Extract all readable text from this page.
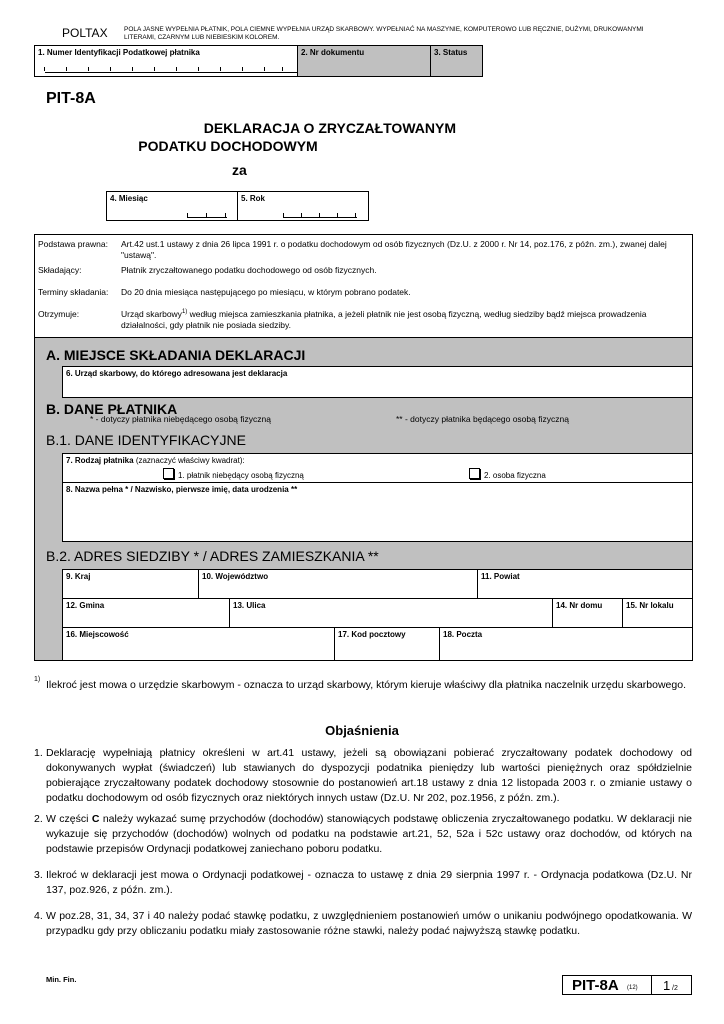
POLTAX	POLA JASNE WYPEŁNIA PŁATNIK, POLA CIEMNE WYPEŁNIA URZĄD SKARBOWY. WYPEŁNIAĆ NA MASZYNIE, KOMPUTEROWO LUB RĘCZNIE, DUŻYMI, DRUKOWANYMI LITERAMI, CZARNYM LUB NIEBIESKIM KOLOREM.
1. Numer Identyfikacji Podatkowej płatnika	2. Nr dokumentu	3. Status
PIT-8A
DEKLARACJA O ZRYCZAŁTOWANYM
PODATKU DOCHODOWYM
za
4. Miesiąc	5. Rok
Podstawa prawna: Art.42 ust.1 ustawy z dnia 26 lipca 1991 r. o podatku dochodowym od osób fizycznych (Dz.U. z 2000 r. Nr 14, poz.176, z późn. zm.), zwanej dalej "ustawą".
Składający:	Płatnik zryczałtowanego podatku dochodowego od osób fizycznych.
Terminy składania: Do 20 dnia miesiąca następującego po miesiącu, w którym pobrano podatek.
Otrzymuje:	Urząd skarbowy$^{1)}$ według miejsca zamieszkania płatnika, a jeżeli płatnik nie jest osobą fizyczną, według siedziby bądź miejsca prowadzenia działalności, gdy płatnik nie posiada siedziby.
A. MIEJSCE SKŁADANIA DEKLARACJI
6. Urząd skarbowy, do którego adresowana jest deklaracja
B. DANE PŁATNIKA
* - dotyczy płatnika niebędącego osobą fizyczną	** - dotyczy płatnika będącego osobą fizyczną
B.1. DANE IDENTYFIKACYJNE
7. Rodzaj płatnika (zaznaczyć właściwy kwadrat):
1. płatnik niebędący osobą fizyczną	2. osoba fizyczna
8. Nazwa pełna * / Nazwisko, pierwsze imię, data urodzenia **
B.2. ADRES SIEDZIBY * / ADRES ZAMIESZKANIA **
9. Kraj	10. Województwo	11. Powiat
12. Gmina	13. Ulica	14. Nr domu	15. Nr lokalu
16. Miejscowość	17. Kod pocztowy	18. Poczta
1) Ilekroć jest mowa o urzędzie skarbowym - oznacza to urząd skarbowy, którym kieruje właściwy dla płatnika naczelnik urzędu skarbowego.
Objaśnienia
1. Deklarację wypełniają płatnicy określeni w art.41 ustawy, jeżeli są obowiązani pobierać zryczałtowany podatek dochodowy od dokonywanych wypłat (świadczeń) lub stawianych do dyspozycji podatnika pieniędzy lub wartości pieniężnych oraz spółdzielnie pobierające zryczałtowany podatek dochodowy stosownie do postanowień art.18 ustawy z dnia 12 listopada 2003 r. o zmianie ustawy o podatku dochodowym od osób fizycznych oraz niektórych innych ustaw (Dz.U. Nr 202, poz.1956, z późn. zm.).
2. W części C należy wykazać sumę przychodów (dochodów) stanowiących podstawę obliczenia zryczałtowanego podatku. W deklaracji nie wykazuje się przychodów (dochodów) wolnych od podatku na podstawie art.21, 52, 52a i 52c ustawy oraz dochodów, od których na podstawie przepisów Ordynacji podatkowej zaniechano poboru podatku.
3. Ilekroć w deklaracji jest mowa o Ordynacji podatkowej - oznacza to ustawę z dnia 29 sierpnia 1997 r. - Ordynacja podatkowa (Dz.U. Nr 137, poz.926, z późn. zm.).
4. W poz.28, 31, 34, 37 i 40 należy podać stawkę podatku, z uwzględnieniem postanowień umów o unikaniu podwójnego opodatkowania. W przypadku gdy przy obliczaniu podatku miały zastosowanie różne stawki, należy podać najwyższą stawkę podatku.
Min. Fin.	PIT-8A (12) 1 /2
